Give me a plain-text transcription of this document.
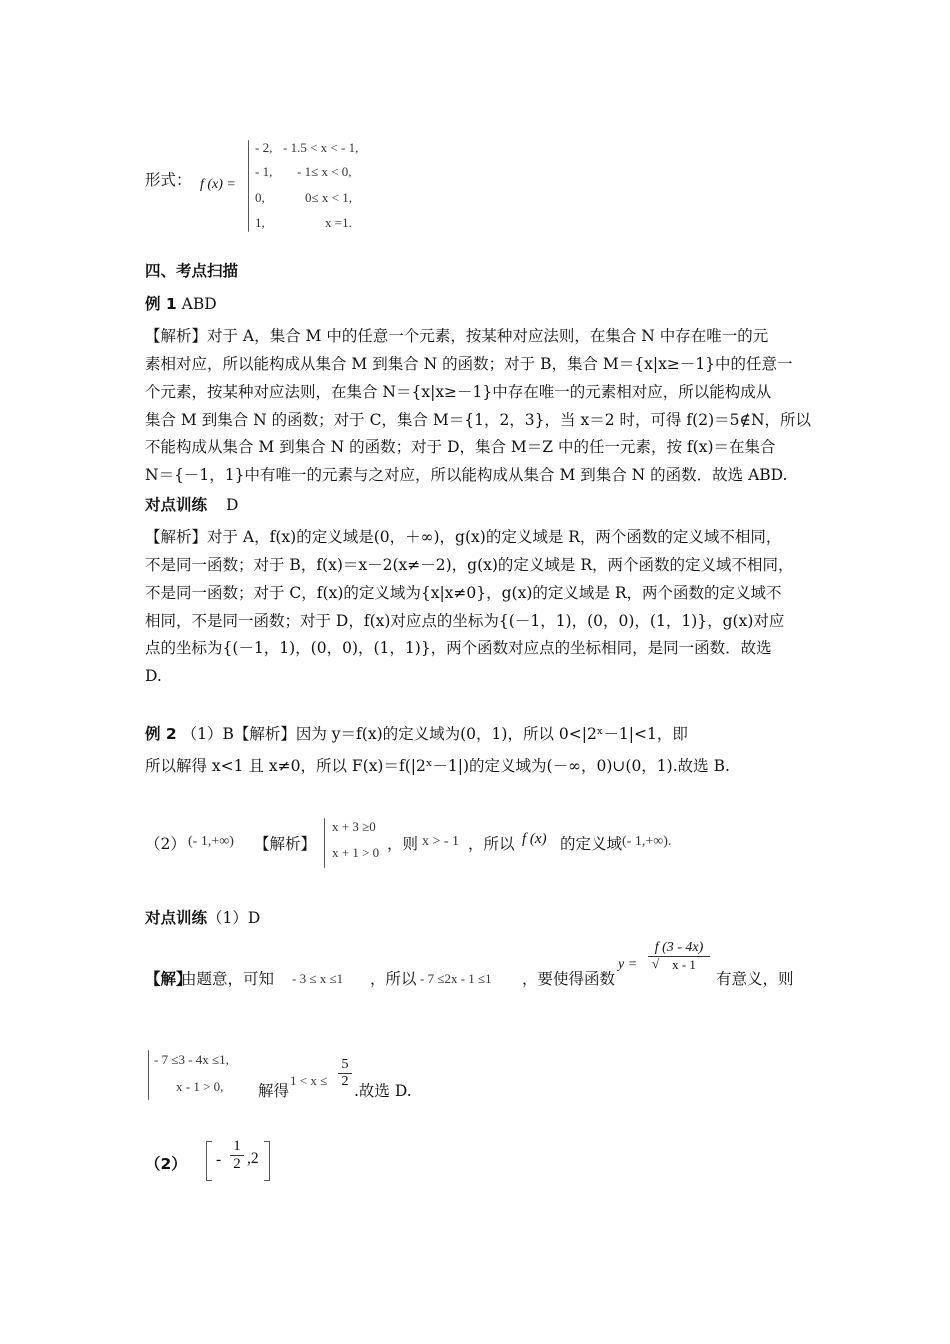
形式： f (x) =
- 2, - 1.5 < x < - 1,
- 1, - 1≤ x < 0,
0,	0≤ x < 1,
1,	x =1.
四、考点扫描
例 1 ABD
【解析】对于 A，集合 M 中的任意一个元素，按某种对应法则，在集合 N 中存在唯一的元
素相对应，所以能构成从集合 M 到集合 N 的函数；对于 B，集合 M＝{x|x≥－1}中的任意一
个元素，按某种对应法则，在集合 N＝{x|x≥－1}中存在唯一的元素相对应，所以能构成从
集合 M 到集合 N 的函数；对于 C，集合 M＝{1，2，3}，当 x＝2 时，可得 f(2)＝5∉N，所以
不能构成从集合 M 到集合 N 的函数；对于 D，集合 M＝Z 中的任一元素，按 f(x)＝在集合
N＝{－1，1}中有唯一的元素与之对应，所以能构成从集合 M 到集合 N 的函数．故选 ABD.
对点训练 D
【解析】对于 A，f(x)的定义域是(0，＋∞)，g(x)的定义域是 R，两个函数的定义域不相同，
不是同一函数；对于 B，f(x)＝x－2(x≠－2)，g(x)的定义域是 R，两个函数的定义域不相同，
不是同一函数；对于 C，f(x)的定义域为{x|x≠0}，g(x)的定义域是 R，两个函数的定义域不
相同，不是同一函数；对于 D，f(x)对应点的坐标为{(－1，1)，(0，0)，(1，1)}，g(x)对应
点的坐标为{(－1，1)，(0，0)，(1，1)}，两个函数对应点的坐标相同，是同一函数．故选
D.
例 2 （1）B【解析】因为 y＝f(x)的定义域为(0，1)，所以 0<|2ˣ－1|<1，即
所以解得 x<1 且 x≠0，所以 F(x)＝f(|2ˣ－1|)的定义域为(－∞，0)∪(0，1).故选 B.
（2） (- 1,+∞) 【解析】
x + 3 ≥0
x + 1 > 0 ，则 x > - 1 ，所以 f (x) 的定义域 (- 1,+∞).
对点训练（1）D
【解】
由题意，可知 - 3 ≤ x ≤1 ，所以 - 7 ≤2x - 1 ≤1 ，要使得函数
y =
f (3 - 4x)
√ x - 1
有意义，则
- 7 ≤3 - 4x ≤1,
x - 1 > 0, 解得
1 < x ≤
5
2
.故选 D.
（2） -
1
2 ,2
